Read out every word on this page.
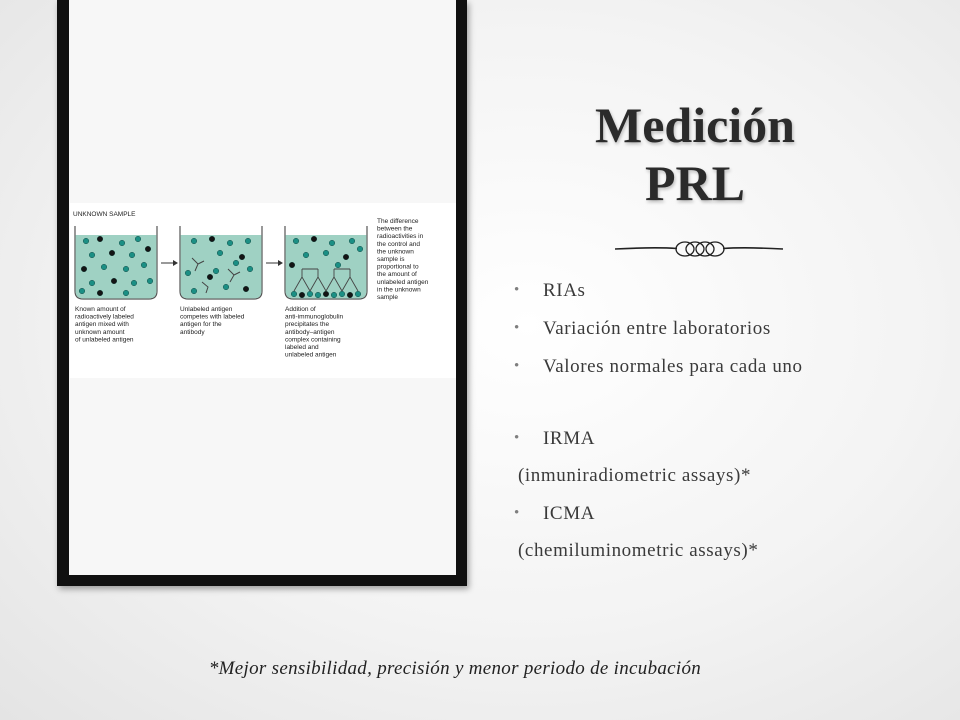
UNKNOWN SAMPLE
Known amount of radioactively labeled antigen mixed with unknown amount of unlabeled antigen
Unlabeled antigen competes with labeled antigen for the antibody
Addition of anti-immunoglobulin precipitates the antibody–antigen complex containing labeled and unlabeled antigen
The difference between the radioactivities in the control and the unknown sample is proportional to the amount of unlabeled antigen in the unknown sample
Medición
PRL
•	RIAs
•	Variación entre laboratorios
•	Valores normales para cada uno
•	IRMA
(inmuniradiometric assays)*
•	ICMA
(chemiluminometric assays)*
*Mejor sensibilidad, precisión y menor periodo de incubación
